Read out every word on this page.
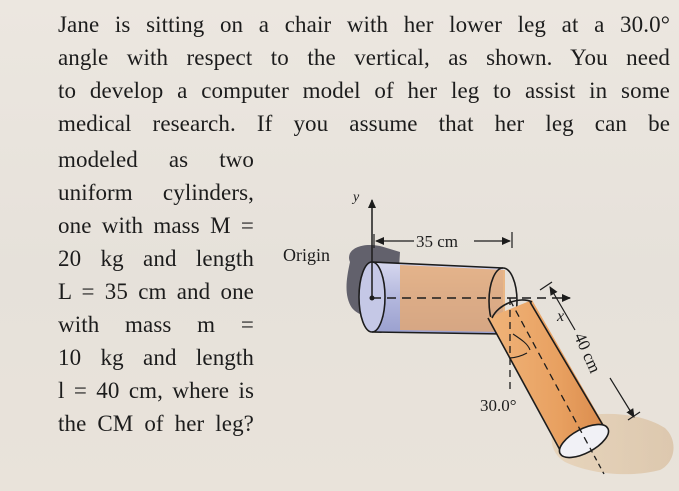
Jane is sitting on a chair with her lower leg at a 30.0°
angle with respect to the vertical, as shown. You need
to develop a computer model of her leg to assist in some
medical research. If you assume that her leg can be
modeled as two
uniform cylinders,
one with mass M =
20 kg and length
L = 35 cm and one
with mass m =
10 kg and length
l = 40 cm, where is
the CM of her leg?
y
Origin
35 cm
x
30.0°
40 cm
